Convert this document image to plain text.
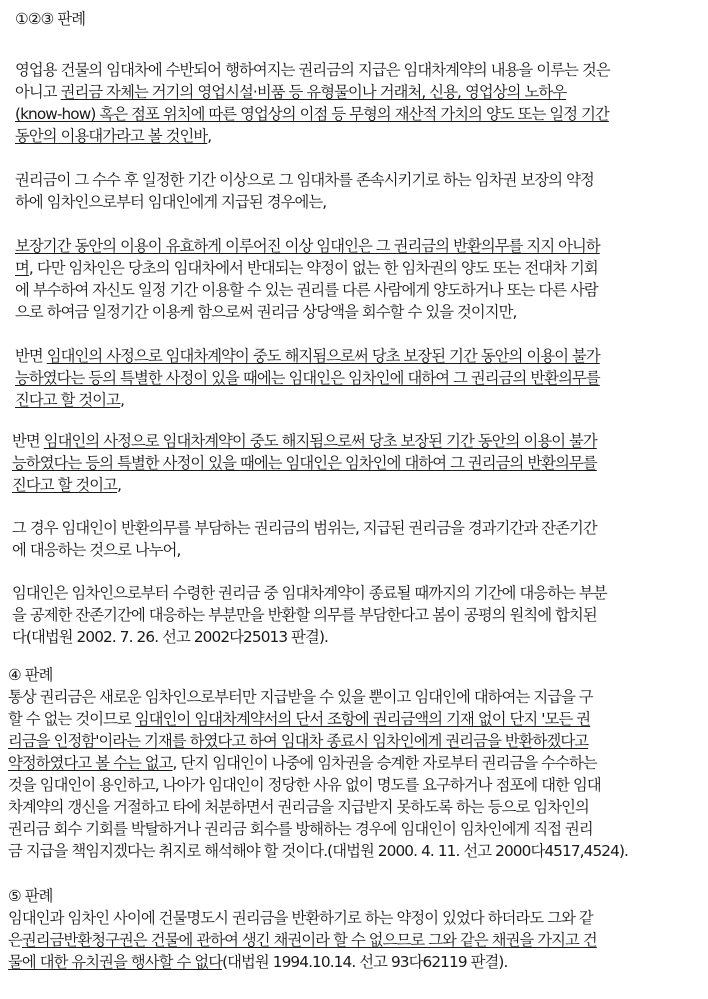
①②③ 판례
영업용 건물의 임대차에 수반되어 행하여지는 권리금의 지급은 임대차계약의 내용을 이루는 것은
아니고 권리금 자체는 거기의 영업시설·비품 등 유형물이나 거래처, 신용, 영업상의 노하우
(know-how) 혹은 점포 위치에 따른 영업상의 이점 등 무형의 재산적 가치의 양도 또는 일정 기간
동안의 이용대가라고 볼 것인바,
권리금이 그 수수 후 일정한 기간 이상으로 그 임대차를 존속시키기로 하는 임차권 보장의 약정
하에 임차인으로부터 임대인에게 지급된 경우에는,
보장기간 동안의 이용이 유효하게 이루어진 이상 임대인은 그 권리금의 반환의무를 지지 아니하
며, 다만 임차인은 당초의 임대차에서 반대되는 약정이 없는 한 임차권의 양도 또는 전대차 기회
에 부수하여 자신도 일정 기간 이용할 수 있는 권리를 다른 사람에게 양도하거나 또는 다른 사람
으로 하여금 일정기간 이용케 함으로써 권리금 상당액을 회수할 수 있을 것이지만,
반면 임대인의 사정으로 임대차계약이 중도 해지됨으로써 당초 보장된 기간 동안의 이용이 불가
능하였다는 등의 특별한 사정이 있을 때에는 임대인은 임차인에 대하여 그 권리금의 반환의무를
진다고 할 것이고,
반면 임대인의 사정으로 임대차계약이 중도 해지됨으로써 당초 보장된 기간 동안의 이용이 불가
능하였다는 등의 특별한 사정이 있을 때에는 임대인은 임차인에 대하여 그 권리금의 반환의무를
진다고 할 것이고,
그 경우 임대인이 반환의무를 부담하는 권리금의 범위는, 지급된 권리금을 경과기간과 잔존기간
에 대응하는 것으로 나누어,
임대인은 임차인으로부터 수령한 권리금 중 임대차계약이 종료될 때까지의 기간에 대응하는 부분
을 공제한 잔존기간에 대응하는 부분만을 반환할 의무를 부담한다고 봄이 공평의 원칙에 합치된
다(대법원 2002. 7. 26. 선고 2002다25013 판결).
④ 판례
통상 권리금은 새로운 임차인으로부터만 지급받을 수 있을 뿐이고 임대인에 대하여는 지급을 구
할 수 없는 것이므로 임대인이 임대차계약서의 단서 조항에 권리금액의 기재 없이 단지 '모든 권
리금을 인정함'이라는 기재를 하였다고 하여 임대차 종료시 임차인에게 권리금을 반환하겠다고
약정하였다고 볼 수는 없고, 단지 임대인이 나중에 임차권을 승계한 자로부터 권리금을 수수하는
것을 임대인이 용인하고, 나아가 임대인이 정당한 사유 없이 명도를 요구하거나 점포에 대한 임대
차계약의 갱신을 거절하고 타에 처분하면서 권리금을 지급받지 못하도록 하는 등으로 임차인의
권리금 회수 기회를 박탈하거나 권리금 회수를 방해하는 경우에 임대인이 임차인에게 직접 권리
금 지급을 책임지겠다는 취지로 해석해야 할 것이다.(대법원 2000. 4. 11. 선고 2000다4517,4524).
⑤ 판례
임대인과 임차인 사이에 건물명도시 권리금을 반환하기로 하는 약정이 있었다 하더라도 그와 같
은권리금반환청구권은 건물에 관하여 생긴 채권이라 할 수 없으므로 그와 같은 채권을 가지고 건
물에 대한 유치권을 행사할 수 없다(대법원 1994.10.14. 선고 93다62119 판결).
